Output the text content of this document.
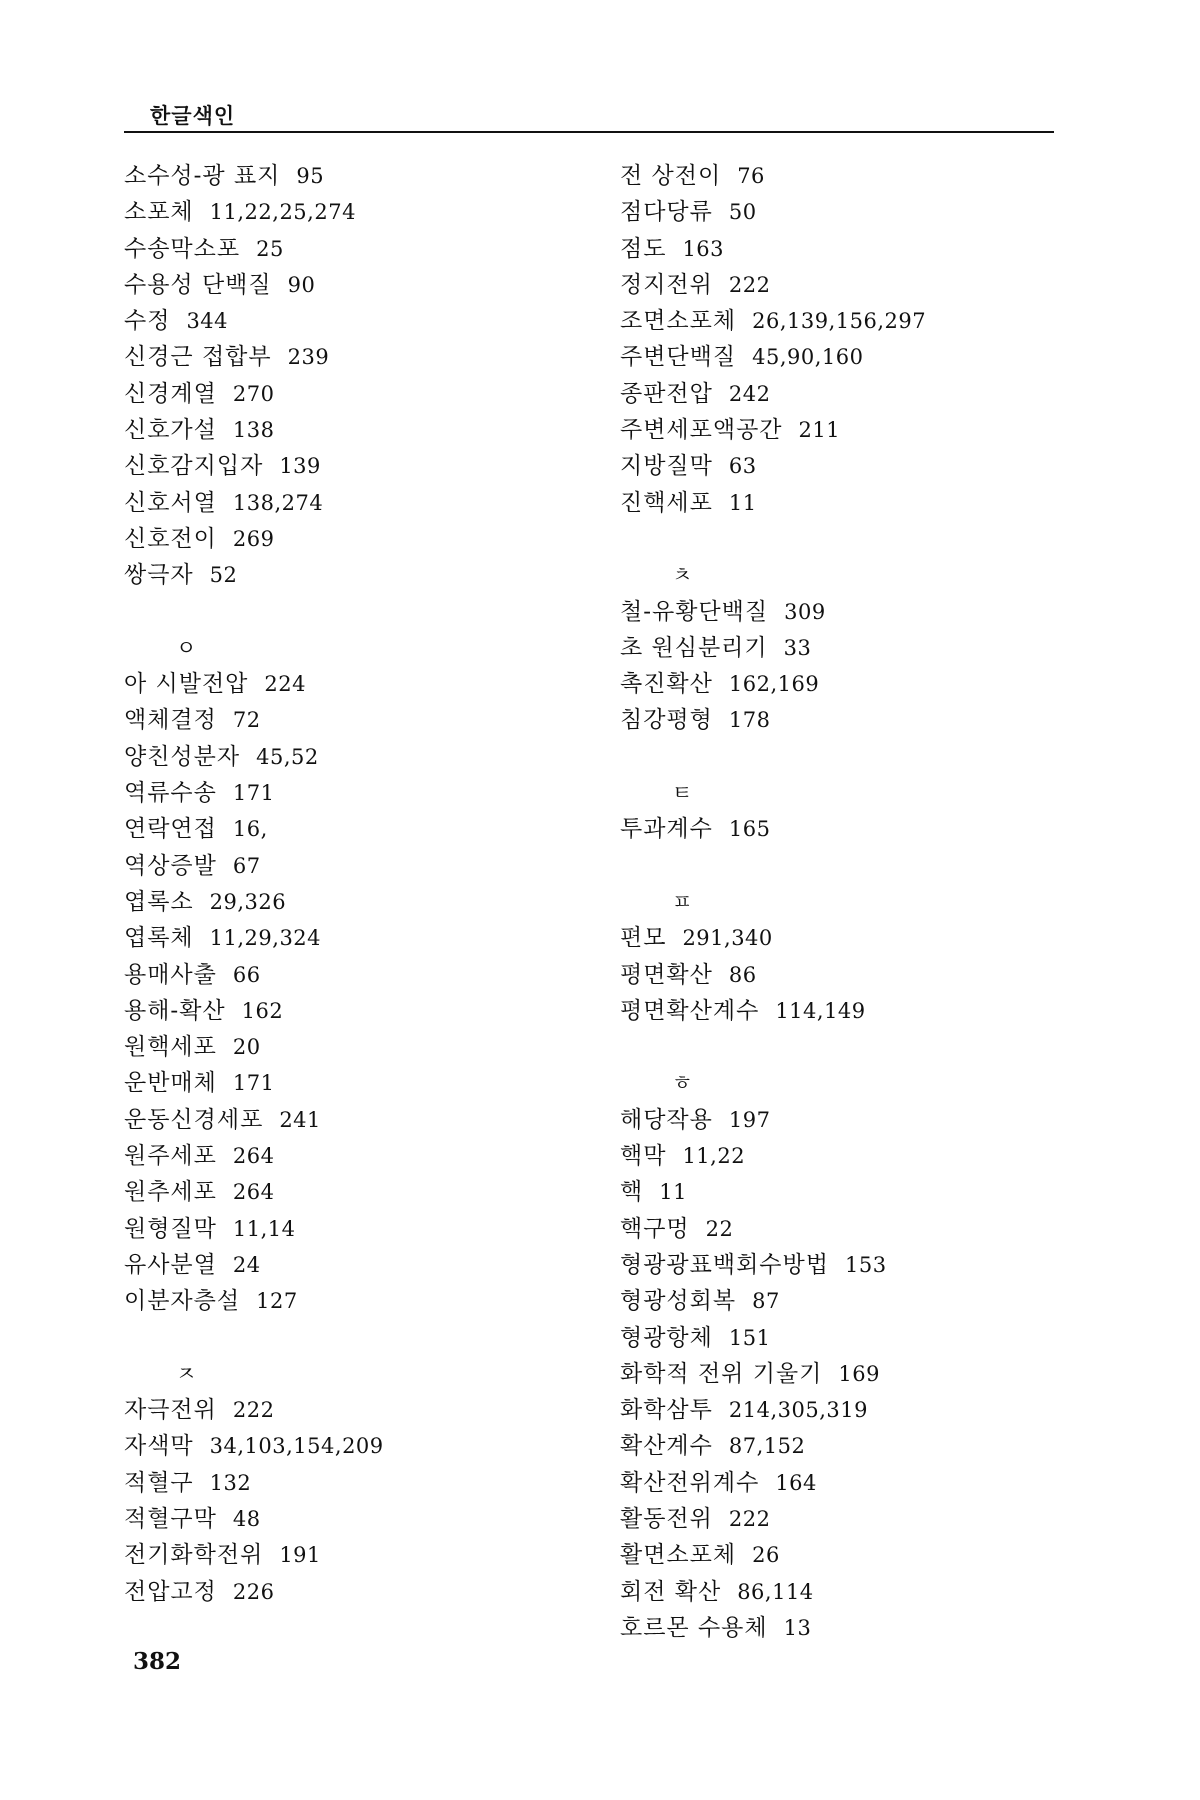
한글색인
소수성-광 표지 95
소포체 11,22,25,274
수송막소포 25
수용성 단백질 90
수정 344
신경근 접합부 239
신경계열 270
신호가설 138
신호감지입자 139
신호서열 138,274
신호전이 269
쌍극자 52
ㅇ
아 시발전압 224
액체결정 72
양친성분자 45,52
역류수송 171
연락연접 16,
역상증발 67
엽록소 29,326
엽록체 11,29,324
용매사출 66
용해-확산 162
원핵세포 20
운반매체 171
운동신경세포 241
원주세포 264
원추세포 264
원형질막 11,14
유사분열 24
이분자층설 127
ㅈ
자극전위 222
자색막 34,103,154,209
적혈구 132
적혈구막 48
전기화학전위 191
전압고정 226
전 상전이 76
점다당류 50
점도 163
정지전위 222
조면소포체 26,139,156,297
주변단백질 45,90,160
종판전압 242
주변세포액공간 211
지방질막 63
진핵세포 11
ㅊ
철-유황단백질 309
초 원심분리기 33
촉진확산 162,169
침강평형 178
ㅌ
투과계수 165
ㅍ
편모 291,340
평면확산 86
평면확산계수 114,149
ㅎ
해당작용 197
핵막 11,22
핵 11
핵구멍 22
형광광표백회수방법 153
형광성회복 87
형광항체 151
화학적 전위 기울기 169
화학삼투 214,305,319
확산계수 87,152
확산전위계수 164
활동전위 222
활면소포체 26
회전 확산 86,114
호르몬 수용체 13
382
